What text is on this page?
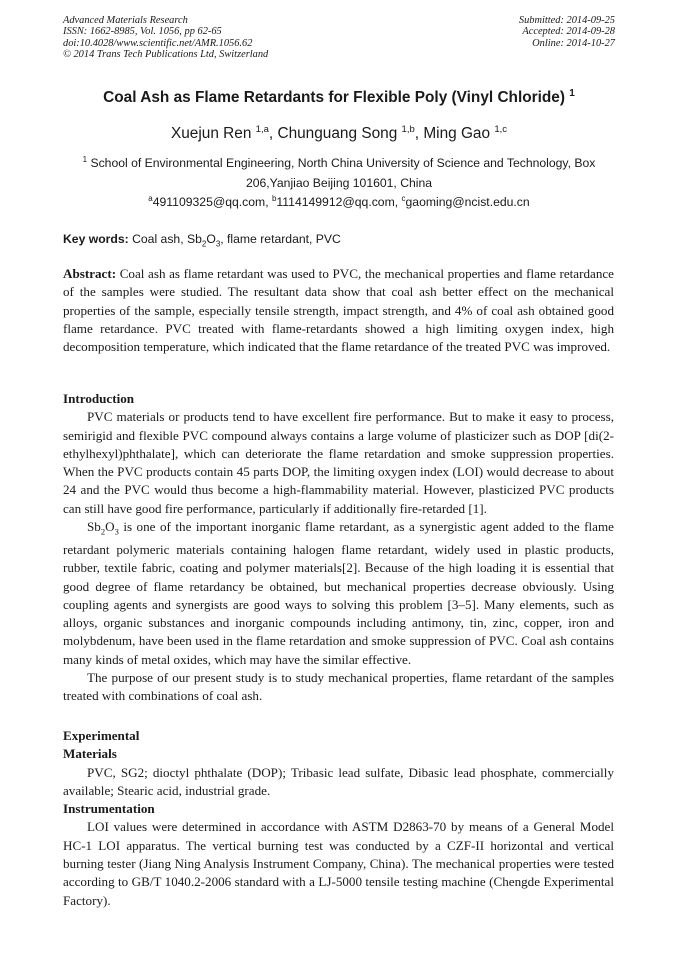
Advanced Materials Research
ISSN: 1662-8985, Vol. 1056, pp 62-65
doi:10.4028/www.scientific.net/AMR.1056.62
© 2014 Trans Tech Publications Ltd, Switzerland
Submitted: 2014-09-25
Accepted: 2014-09-28
Online: 2014-10-27
Coal Ash as Flame Retardants for Flexible Poly (Vinyl Chloride) $^1$
Xuejun Ren $^{1,a}$, Chunguang Song $^{1,b}$, Ming Gao $^{1,c}$
$^1$ School of Environmental Engineering, North China University of Science and Technology, Box
206,Yanjiao Beijing 101601, China
$^a$491109325@qq.com, $^b$1114149912@qq.com, $^c$gaoming@ncist.edu.cn
Key words: Coal ash, $Sb_2O_3$, flame retardant, PVC

Abstract: Coal ash as flame retardant was used to PVC, the mechanical properties and flame retardance of the samples were studied. The resultant data show that coal ash better effect on the mechanical properties of the sample, especially tensile strength, impact strength, and 4% of coal ash obtained good flame retardance. PVC treated with flame-retardants showed a high limiting oxygen index, high decomposition temperature, which indicated that the flame retardance of the treated PVC was improved.

Introduction

PVC materials or products tend to have excellent fire performance. But to make it easy to process, semirigid and flexible PVC compound always contains a large volume of plasticizer such as DOP [di(2-ethylhexyl)phthalate], which can deteriorate the flame retardation and smoke suppression properties. When the PVC products contain 45 parts DOP, the limiting oxygen index (LOI) would decrease to about 24 and the PVC would thus become a high-flammability material. However, plasticized PVC products can still have good fire performance, particularly if additionally fire-retarded [1].

$Sb_2O_3$ is one of the important inorganic flame retardant, as a synergistic agent added to the flame retardant polymeric materials containing halogen flame retardant, widely used in plastic products, rubber, textile fabric, coating and polymer materials[2]. Because of the high loading it is essential that good degree of flame retardancy be obtained, but mechanical properties decrease obviously. Using coupling agents and synergists are good ways to solving this problem [3–5]. Many elements, such as alloys, organic substances and inorganic compounds including antimony, tin, zinc, copper, iron and molybdenum, have been used in the flame retardation and smoke suppression of PVC. Coal ash contains many kinds of metal oxides, which may have the similar effective.

The purpose of our present study is to study mechanical properties, flame retardant of the samples treated with combinations of coal ash.

Experimental

Materials

PVC, SG2; dioctyl phthalate (DOP); Tribasic lead sulfate, Dibasic lead phosphate, commercially available; Stearic acid, industrial grade.

Instrumentation

LOI values were determined in accordance with ASTM D2863-70 by means of a General Model HC-1 LOI apparatus. The vertical burning test was conducted by a CZF-II horizontal and vertical burning tester (Jiang Ning Analysis Instrument Company, China). The mechanical properties were tested according to GB/T 1040.2-2006 standard with a LJ-5000 tensile testing machine (Chengde Experimental Factory).
